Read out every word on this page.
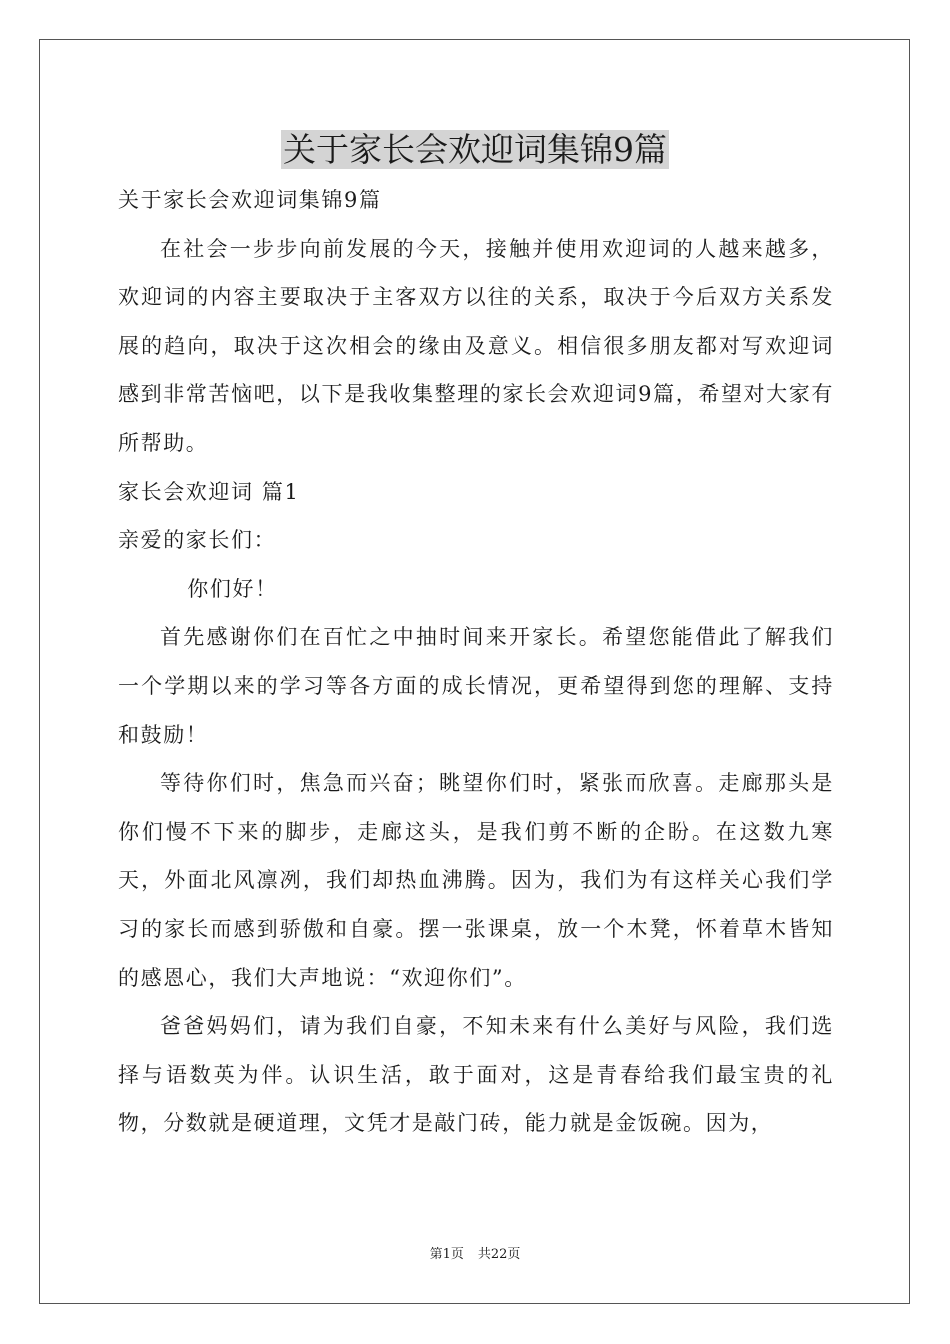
关于家长会欢迎词集锦9篇

关于家长会欢迎词集锦9篇

在社会一步步向前发展的今天，接触并使用欢迎词的人越来越多，欢迎词的内容主要取决于主客双方以往的关系，取决于今后双方关系发展的趋向，取决于这次相会的缘由及意义。相信很多朋友都对写欢迎词感到非常苦恼吧，以下是我收集整理的家长会欢迎词9篇，希望对大家有所帮助。

家长会欢迎词 篇1

亲爱的家长们：

你们好！

首先感谢你们在百忙之中抽时间来开家长。希望您能借此了解我们一个学期以来的学习等各方面的成长情况，更希望得到您的理解、支持和鼓励！

等待你们时，焦急而兴奋；眺望你们时，紧张而欣喜。走廊那头是你们慢不下来的脚步，走廊这头，是我们剪不断的企盼。在这数九寒天，外面北风凛冽，我们却热血沸腾。因为，我们为有这样关心我们学习的家长而感到骄傲和自豪。摆一张课桌，放一个木凳，怀着草木皆知的感恩心，我们大声地说：“欢迎你们”。

爸爸妈妈们，请为我们自豪，不知未来有什么美好与风险，我们选择与语数英为伴。认识生活，敢于面对，这是青春给我们最宝贵的礼物，分数就是硬道理，文凭才是敲门砖，能力就是金饭碗。因为，

第1页 共22页
